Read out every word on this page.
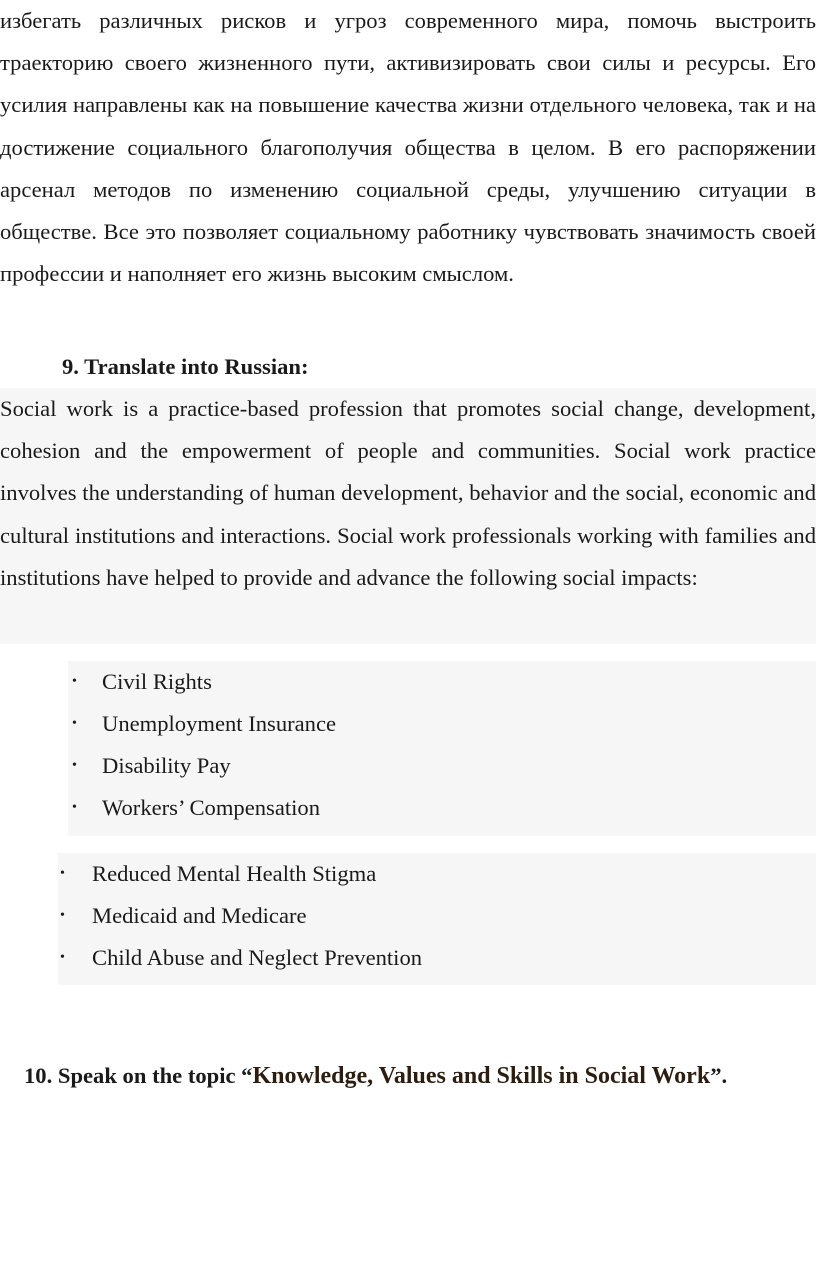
избегать различных рисков и угроз современного мира, помочь выстроить траекторию своего жизненного пути, активизировать свои силы и ресурсы. Его усилия направлены как на повышение качества жизни отдельного человека, так и на достижение социального благополучия общества в целом. В его распоряжении арсенал методов по изменению социальной среды, улучшению ситуации в обществе. Все это позволяет социальному работнику чувствовать значимость своей профессии и наполняет его жизнь высоким смыслом.

9. Translate into Russian:

Social work is a practice-based profession that promotes social change, development, cohesion and the empowerment of people and communities. Social work practice involves the understanding of human development, behavior and the social, economic and cultural institutions and interactions. Social work professionals working with families and institutions have helped to provide and advance the following social impacts:

• Civil Rights
• Unemployment Insurance
• Disability Pay
• Workers’ Compensation
• Reduced Mental Health Stigma
• Medicaid and Medicare
• Child Abuse and Neglect Prevention
10. Speak on the topic “Knowledge, Values and Skills in Social Work”.
